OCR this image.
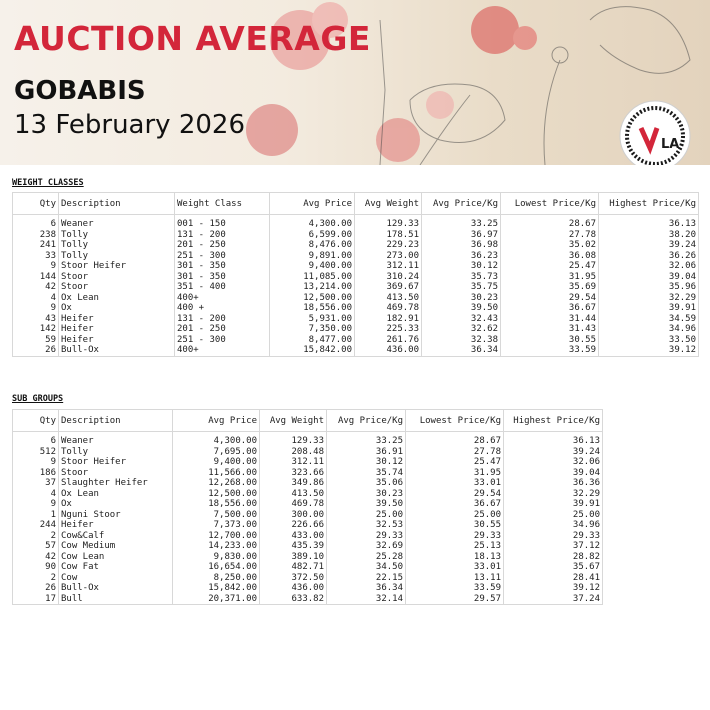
AUCTION AVERAGE
GOBABIS
13 February 2026
LA
WEIGHT CLASSES
Qty	Description	Weight Class	Avg Price	Avg Weight	Avg Price/Kg	Lowest Price/Kg	Highest Price/Kg
6	Weaner	001 - 150	4,300.00	129.33	33.25	28.67	36.13
238	Tolly	131 - 200	6,599.00	178.51	36.97	27.78	38.20
241	Tolly	201 - 250	8,476.00	229.23	36.98	35.02	39.24
33	Tolly	251 - 300	9,891.00	273.00	36.23	36.08	36.26
9	Stoor Heifer	301 - 350	9,400.00	312.11	30.12	25.47	32.06
144	Stoor	301 - 350	11,085.00	310.24	35.73	31.95	39.04
42	Stoor	351 - 400	13,214.00	369.67	35.75	35.69	35.96
4	Ox Lean	400+	12,500.00	413.50	30.23	29.54	32.29
9	Ox	400 +	18,556.00	469.78	39.50	36.67	39.91
43	Heifer	131 - 200	5,931.00	182.91	32.43	31.44	34.59
142	Heifer	201 - 250	7,350.00	225.33	32.62	31.43	34.96
59	Heifer	251 - 300	8,477.00	261.76	32.38	30.55	33.50
26	Bull-Ox	400+	15,842.00	436.00	36.34	33.59	39.12
SUB GROUPS
Qty	Description	Avg Price	Avg Weight	Avg Price/Kg	Lowest Price/Kg	Highest Price/Kg
6	Weaner	4,300.00	129.33	33.25	28.67	36.13
512	Tolly	7,695.00	208.48	36.91	27.78	39.24
9	Stoor Heifer	9,400.00	312.11	30.12	25.47	32.06
186	Stoor	11,566.00	323.66	35.74	31.95	39.04
37	Slaughter Heifer	12,268.00	349.86	35.06	33.01	36.36
4	Ox Lean	12,500.00	413.50	30.23	29.54	32.29
9	Ox	18,556.00	469.78	39.50	36.67	39.91
1	Nguni Stoor	7,500.00	300.00	25.00	25.00	25.00
244	Heifer	7,373.00	226.66	32.53	30.55	34.96
2	Cow&Calf	12,700.00	433.00	29.33	29.33	29.33
57	Cow Medium	14,233.00	435.39	32.69	25.13	37.12
42	Cow Lean	9,830.00	389.10	25.28	18.13	28.82
90	Cow Fat	16,654.00	482.71	34.50	33.01	35.67
2	Cow	8,250.00	372.50	22.15	13.11	28.41
26	Bull-Ox	15,842.00	436.00	36.34	33.59	39.12
17	Bull	20,371.00	633.82	32.14	29.57	37.24
